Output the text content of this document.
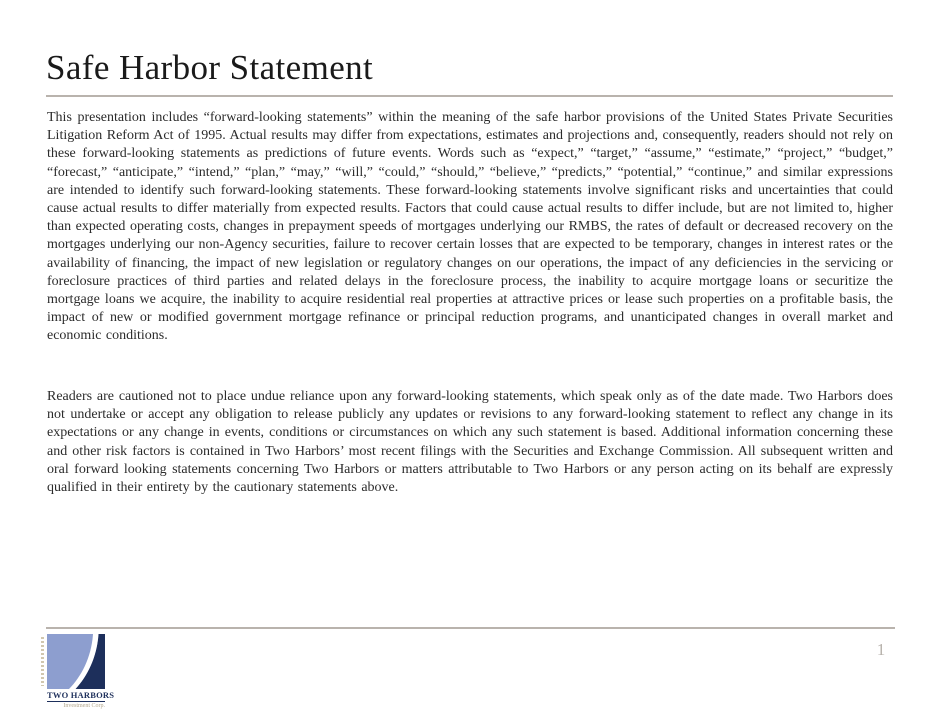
Safe Harbor Statement

This presentation includes “forward-looking statements” within the meaning of the safe harbor provisions of the United States Private Securities Litigation Reform Act of 1995. Actual results may differ from expectations, estimates and projections and, consequently, readers should not rely on these forward-looking statements as predictions of future events. Words such as “expect,” “target,” “assume,” “estimate,” “project,” “budget,” “forecast,” “anticipate,” “intend,” “plan,” “may,” “will,” “could,” “should,” “believe,” “predicts,” “potential,” “continue,” and similar expressions are intended to identify such forward-looking statements. These forward-looking statements involve significant risks and uncertainties that could cause actual results to differ materially from expected results. Factors that could cause actual results to differ include, but are not limited to, higher than expected operating costs, changes in prepayment speeds of mortgages underlying our RMBS, the rates of default or decreased recovery on the mortgages underlying our non-Agency securities, failure to recover certain losses that are expected to be temporary, changes in interest rates or the availability of financing, the impact of new legislation or regulatory changes on our operations, the impact of any deficiencies in the servicing or foreclosure practices of third parties and related delays in the foreclosure process, the inability to acquire mortgage loans or securitize the mortgage loans we acquire, the inability to acquire residential real properties at attractive prices or lease such properties on a profitable basis, the impact of new or modified government mortgage refinance or principal reduction programs, and unanticipated changes in overall market and economic conditions.

Readers are cautioned not to place undue reliance upon any forward-looking statements, which speak only as of the date made. Two Harbors does not undertake or accept any obligation to release publicly any updates or revisions to any forward-looking statement to reflect any change in its expectations or any change in events, conditions or circumstances on which any such statement is based. Additional information concerning these and other risk factors is contained in Two Harbors’ most recent filings with the Securities and Exchange Commission. All subsequent written and oral forward looking statements concerning Two Harbors or matters attributable to Two Harbors or any person acting on its behalf are expressly qualified in their entirety by the cautionary statements above.

1
TWO HARBORS
Investment Corp.
